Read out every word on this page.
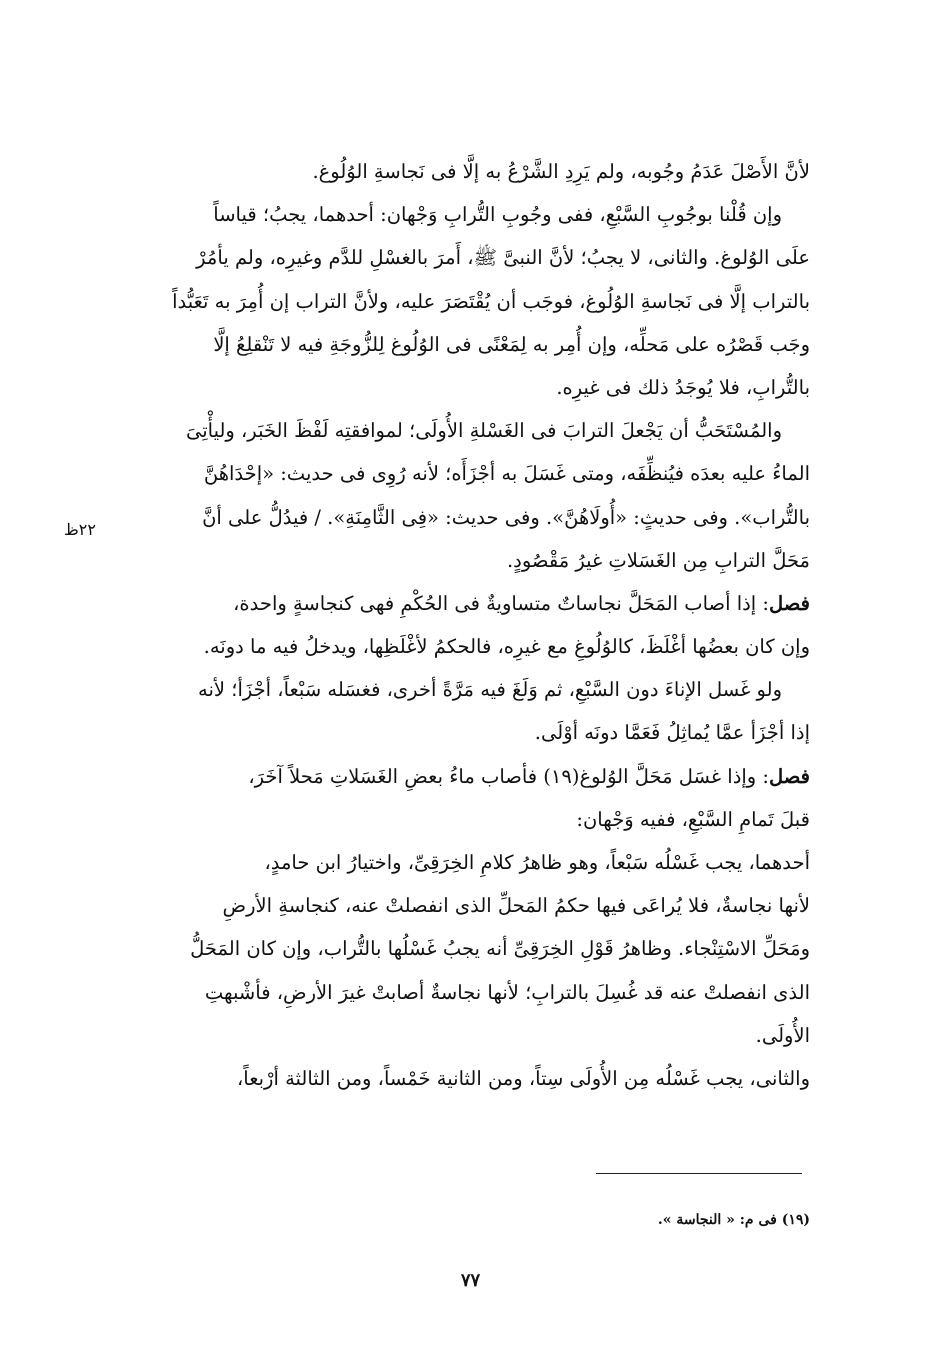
لأنَّ الأَصْلَ عَدَمُ وجُوبه، ولم يَرِدِ الشَّرْعُ به إلَّا فى نَجاسةِ الوُلُوغ.
وإن قُلْنا بوجُوبِ السَّبْعِ، ففى وجُوبِ التُّرابِ وَجْهان: أحدهما، يجبُ؛ قياساً
علَى الوُلوغ. والثانى، لا يجبُ؛ لأنَّ النبىَّ ﷺ، أَمرَ بالغسْلِ للدَّم وغيرِه، ولم يأمُرْ
بالتراب إلَّا فى نَجاسةِ الوُلُوغ، فوجَب أن يُقْتَصَرَ عليه، ولأنَّ التراب إن أُمِرَ به تَعَبُّداً
وجَب قَصْرُه على مَحلِّه، وإن أُمِر به لِمَعْنًى فى الوُلُوغ لِلزُّوجَةِ فيه لا تَنْقلِعُ إلَّا
بالتُّرابِ، فلا يُوجَدُ ذلك فى غيرِه.
والمُسْتَحَبُّ أن يَجْعلَ الترابَ فى الغَسْلةِ الأُولَى؛ لموافقتِه لَفْظَ الخَبَر، وليأْتِىَ
الماءُ عليه بعدَه فيُنظِّفَه، ومتى غَسَلَ به أجْزَأَه؛ لأنه رُوِى فى حديث: «إحْدَاهُنَّ
بالتُّراب». وفى حديثٍ: «أُولَاهُنَّ». وفى حديث: «فِى الثَّامِنَةِ». / فيدُلُّ على أنَّ
مَحَلَّ الترابِ مِن الغَسَلاتِ غيرُ مَقْصُودٍ.
فصل: إذا أصاب المَحَلَّ نجاساتٌ متساويةٌ فى الحُكْمِ فهى كنجاسةٍ واحدة،
وإن كان بعضُها أغْلَظَ، كالوُلُوغِ مع غيرِه، فالحكمُ لأغْلَظِها، ويدخلُ فيه ما دونَه.
ولو غَسل الإناءَ دون السَّبْعِ، ثم وَلَغَ فيه مَرَّةً أخرى، فغسَله سَبْعاً، أجْزَأ؛ لأنه
إذا أجْزَأ عمَّا يُماثِلُ فَعَمَّا دونَه أوْلَى.
فصل: وإذا غسَل مَحَلَّ الوُلوغ(١٩) فأصاب ماءُ بعضِ الغَسَلاتِ مَحلاً آخَرَ،
قبلَ تَمامِ السَّبْعِ، ففيه وَجْهان:
أحدهما، يجب غَسْلُه سَبْعاً، وهو ظاهرُ كلامِ الخِرَقِىِّ، واختيارُ ابن حامدٍ،
لأنها نجاسةٌ، فلا يُراعَى فيها حكمُ المَحلِّ الذى انفصلتْ عنه، كنجاسةِ الأرضِ
ومَحَلِّ الاسْتِنْجاء. وظاهرُ قَوْلِ الخِرَقِىِّ أنه يجبُ غَسْلُها بالتُّراب، وإن كان المَحَلُّ
الذى انفصلتْ عنه قد غُسِلَ بالترابِ؛ لأنها نجاسةٌ أصابتْ غيرَ الأرضِ، فأشْبهتِ
الأُولَى.
والثانى، يجب غَسْلُه مِن الأُولَى سِتاً، ومن الثانية خَمْساً، ومن الثالثة أرْبعاً،
٢٢ظ
(١٩) فى م: « النجاسة ».
٧٧
